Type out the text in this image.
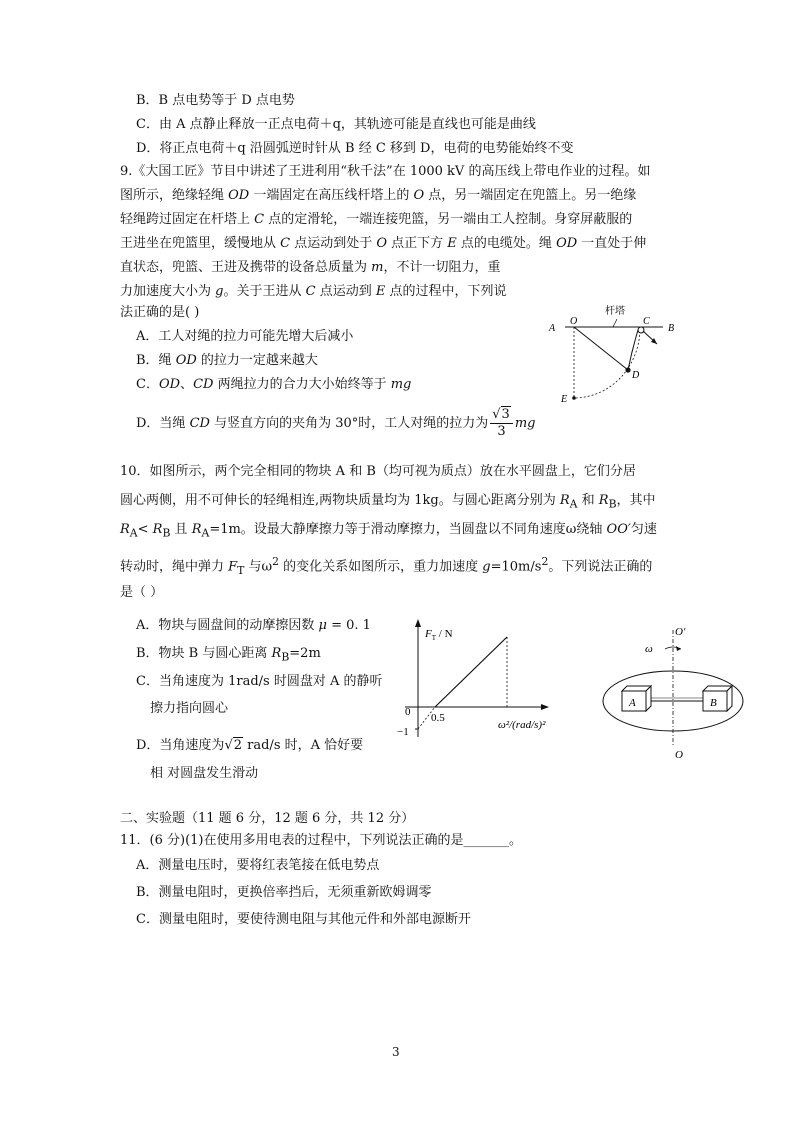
B．B 点电势等于 D 点电势
C．由 A 点静止释放一正点电荷＋q，其轨迹可能是直线也可能是曲线
D．将正点电荷＋q 沿圆弧逆时针从 B 经 C 移到 D，电荷的电势能始终不变
9.《大国工匠》节目中讲述了王进利用“秋千法”在 1000 kV 的高压线上带电作业的过程。如
图所示，绝缘轻绳 OD 一端固定在高压线杆塔上的 O 点，另一端固定在兜篮上。另一绝缘
轻绳跨过固定在杆塔上 C 点的定滑轮，一端连接兜篮，另一端由工人控制。身穿屏蔽服的
王进坐在兜篮里，缓慢地从 C 点运动到处于 O 点正下方 E 点的电缆处。绳 OD 一直处于伸
直状态，兜篮、王进及携带的设备总质量为 m，不计一切阻力，重
力加速度大小为 g。关于王进从 C 点运动到 E 点的过程中，下列说
法正确的是( )
A．工人对绳的拉力可能先增大后减小
B．绳 OD 的拉力一定越来越大
C．OD、CD 两绳拉力的合力大小始终等于 mg
D．当绳 CD 与竖直方向的夹角为 30°时，工人对绳的拉力为 $\frac{√3}{3}$ mg
杆塔
A
O	C
B
D
E
10．如图所示，两个完全相同的物块 A 和 B（均可视为质点）放在水平圆盘上，它们分居
圆心两侧，用不可伸长的轻绳相连,两物块质量均为 1kg。与圆心距离分别为 $R_A$ 和 $R_B$，其中
$R_A< R_B$ 且 $R_A=1m$。设最大静摩擦力等于滑动摩擦力，当圆盘以不同角速度ω绕轴 OO′匀速
转动时，绳中弹力 $F_T$ 与$\omega^2$ 的变化关系如图所示，重力加速度 $g=10m/s^2$。下列说法正确的
是（ ）
A．物块与圆盘间的动摩擦因数 μ = 0. 1
B．物块 B 与圆心距离 $R_B=2m$
C．当角速度为 1rad/s 时圆盘对 A 的静听
擦力指向圆心
D．当角速度为√2 rad/s 时，A 恰好要
相 对圆盘发生滑动
$F_T$ / N
0
−1
0.5
ω²/(rad/s)²
A	B
O′
O
ω
二、实验题（11 题 6 分，12 题 6 分，共 12 分）
11．(6 分)(1)在使用多用电表的过程中，下列说法正确的是_______。
A．测量电压时，要将红表笔接在低电势点
B．测量电阻时，更换倍率挡后，无须重新欧姆调零
C．测量电阻时，要使待测电阻与其他元件和外部电源断开
3
